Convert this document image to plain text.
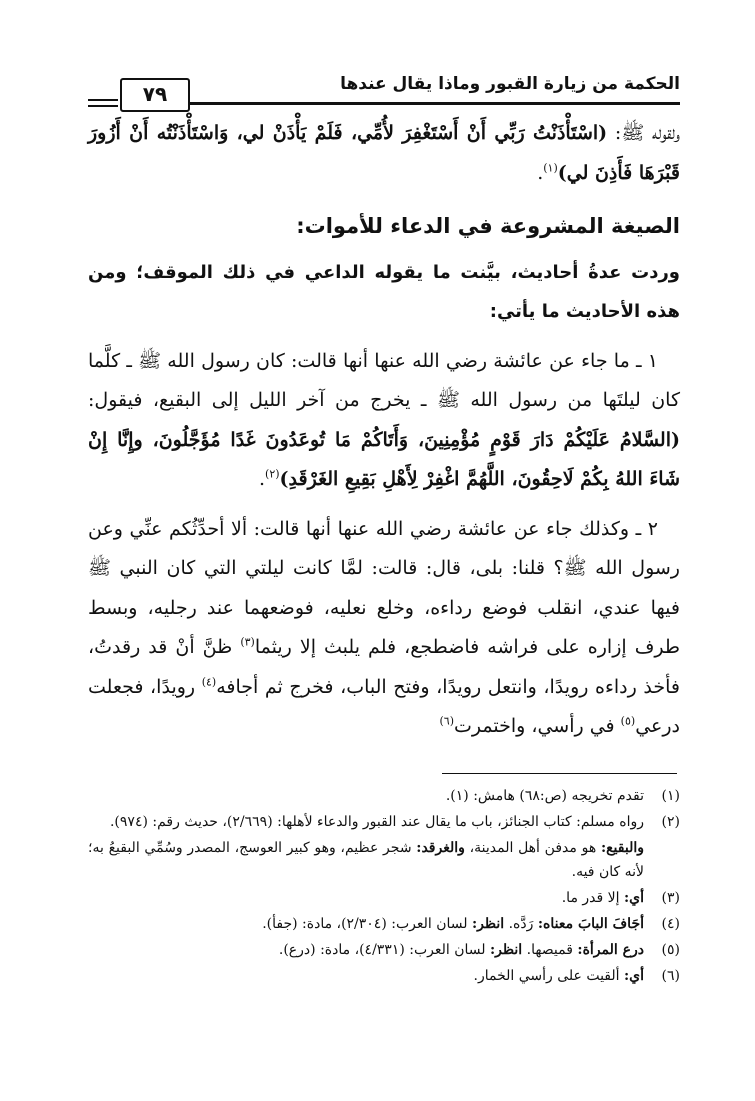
الحكمة من زيارة القبور وماذا يقال عندها
٧٩

ولقوله ﷺ: (اسْتَأْذَنْتُ رَبِّي أَنْ أَسْتَغْفِرَ لأُمِّي، فَلَمْ يَأْذَنْ لي، وَاسْتَأْذَنْتُه أَنْ أَزُورَ قَبْرَهَا فَأَذِنَ لي)$^{(١)}$.

الصيغة المشروعة في الدعاء للأموات:

وردت عدةُ أحاديث، بيَّنت ما يقوله الداعي في ذلك الموقف؛ ومن هذه الأحاديث ما يأتي:

١ ـ ما جاء عن عائشة رضي الله عنها أنها قالت: كان رسول الله ﷺ ـ كلَّما كان ليلتَها من رسول الله ﷺ ـ يخرج من آخر الليل إلى البقيع، فيقول: (السَّلامُ عَلَيْكُمْ دَارَ قَوْمٍ مُؤْمِنِينَ، وَأَتَاكُمْ مَا تُوعَدُونَ غَدًا مُؤَجَّلُونَ، وإِنَّا إِنْ شَاءَ اللهُ بِكُمْ لَاحِقُونَ، اللَّهُمَّ اغْفِرْ لِأَهْلِ بَقِيعِ الغَرْقَدِ)$^{(٢)}$.

٢ ـ وكذلك جاء عن عائشة رضي الله عنها أنها قالت: ألا أحدِّثُكم عنِّي وعن رسول الله ﷺ؟ قلنا: بلى، قال: قالت: لمَّا كانت ليلتي التي كان النبي ﷺ فيها عندي، انقلب فوضع رداءه، وخلع نعليه، فوضعهما عند رجليه، وبسط طرف إزاره على فراشه فاضطجع، فلم يلبث إلا ريثما$^{(٣)}$ ظنَّ أنْ قد رقدتُ، فأخذ رداءه رويدًا، وانتعل رويدًا، وفتح الباب، فخرج ثم أجافه$^{(٤)}$ رويدًا، فجعلت درعي$^{(٥)}$ في رأسي، واختمرت$^{(٦)}$

(١)
تقدم تخريجه (ص:٦٨) هامش: (١).
(٢)
رواه مسلم: كتاب الجنائز، باب ما يقال عند القبور والدعاء لأهلها: (٢/٦٦٩)، حديث رقم: (٩٧٤).
والبقيع: هو مدفن أهل المدينة، والغرقد: شجر عظيم، وهو كبير العوسج، المصدر وسُمِّي البقيعُ به؛ لأنه كان فيه.
(٣)
أي: إلا قدر ما.
(٤)
أجَافَ البابَ معناه: رَدَّه. انظر: لسان العرب: (٢/٣٠٤)، مادة: (جفأ).
(٥)
درع المرأة: قميصها. انظر: لسان العرب: (٤/٣٣١)، مادة: (درع).
(٦)
أي: ألقيت على رأسي الخمار.
